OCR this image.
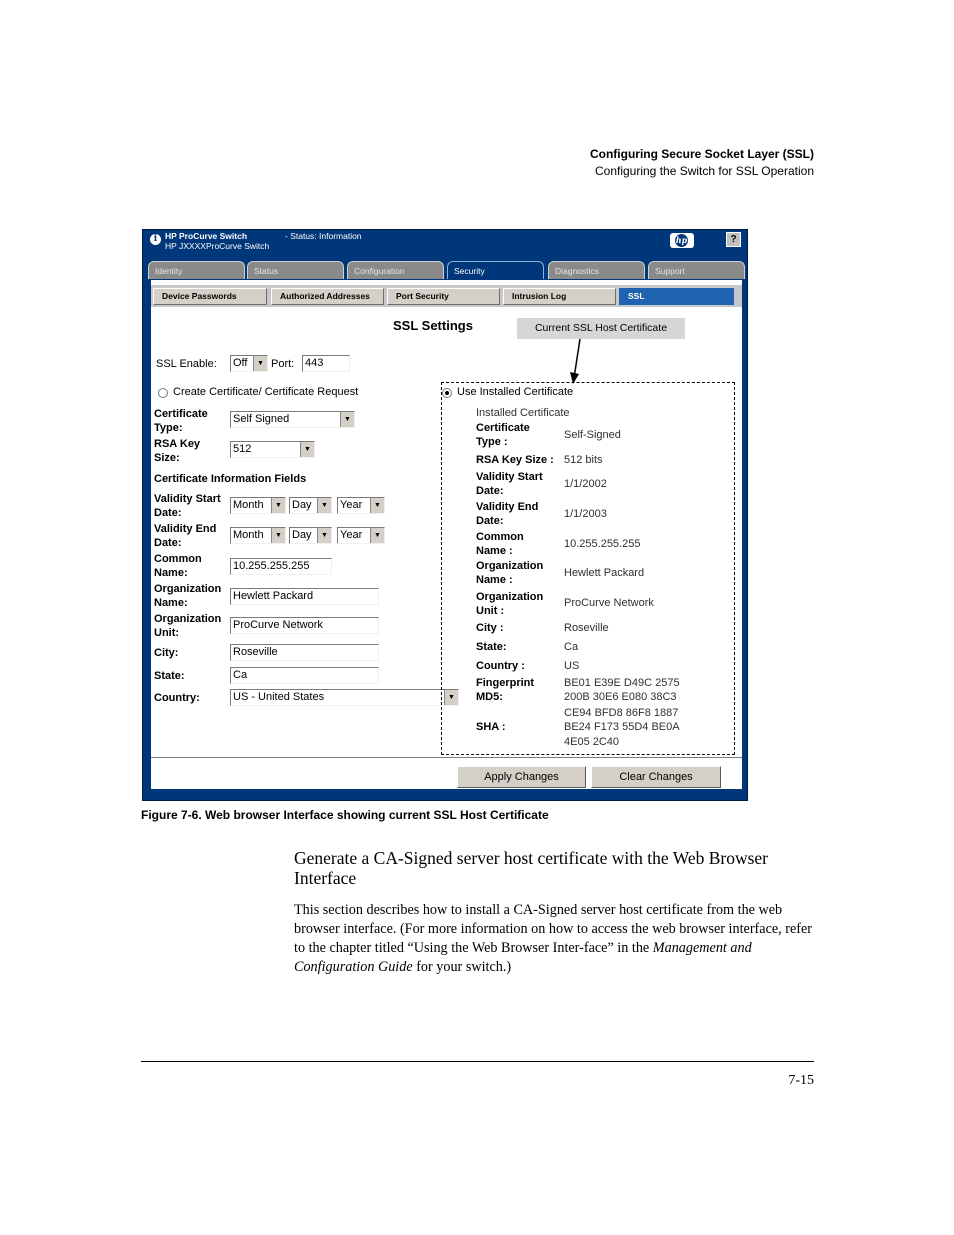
Configuring Secure Socket Layer (SSL)
Configuring the Switch for SSL Operation
i HP ProCurve Switch
HP JXXXXProCurve Switch
- Status: Information	hp	?
Identity	Status	Configuration	Security	Diagnostics	Support
Device Passwords	Authorized Addresses	Port Security	Intrusion Log	SSL
SSL Settings	Current SSL Host Certificate
SSL Enable: Off	▼ Port: 443
Create Certificate/ Certificate Request
Certificate Type:
Self Signed	▼
RSA Key Size:
512	▼
Certificate Information Fields
Validity Start Date:
Month	▼ Day	▼ Year	▼
Validity End Date:
Month	▼ Day	▼ Year	▼
Common Name:
10.255.255.255
Organization Name:
Hewlett Packard
Organization Unit:
ProCurve Network
City:	Roseville
State:	Ca
Country:	US - United States	▼
Use Installed Certificate
Installed Certificate
Certificate Type :
Self-Signed
RSA Key Size : 512 bits
Validity Start Date:
1/1/2002
Validity End Date:
1/1/2003
Common Name :
10.255.255.255
Organization Name :
Hewlett Packard
Organization Unit :
ProCurve Network
City :	Roseville
State:	Ca
Country :	US
Fingerprint MD5:
BE01 E39E D49C 2575
200B 30E6 E080 38C3
CE94 BFD8 86F8 1887
SHA :	BE24 F173 55D4 BE0A
4E05 2C40
Apply Changes	Clear Changes
Figure 7-6. Web browser Interface showing current SSL Host Certificate
Generate a CA-Signed server host certificate with the Web Browser Interface
This section describes how to install a CA-Signed server host certificate from the web browser interface. (For more information on how to access the web browser interface, refer to the chapter titled “Using the Web Browser Inter-face” in the Management and Configuration Guide for your switch.)
7-15
